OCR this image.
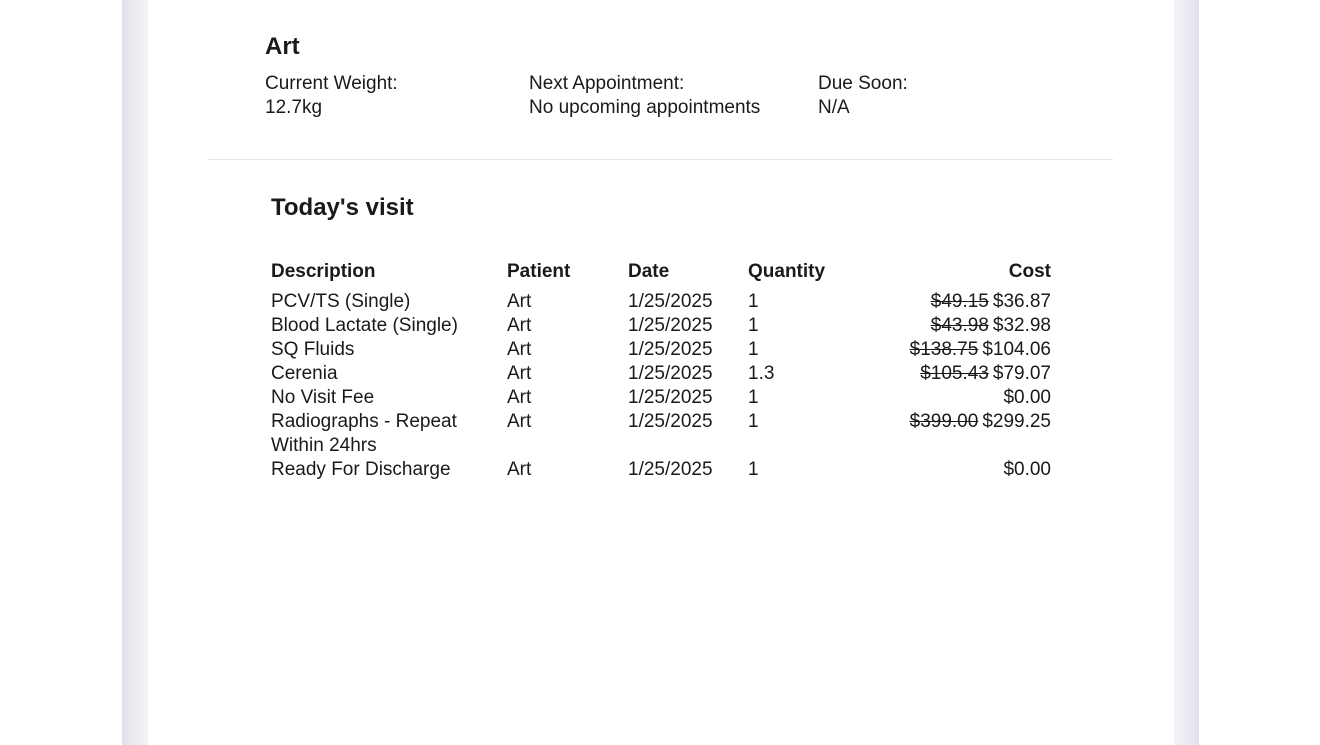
Art
Current Weight:
12.7kg
Next Appointment:
No upcoming appointments
Due Soon:
N/A
Today's visit
Description	Patient	Date	Quantity	Cost
PCV/TS (Single)	Art	1/25/2025	1	$49.15 $36.87
Blood Lactate (Single)	Art	1/25/2025	1	$43.98 $32.98
SQ Fluids	Art	1/25/2025	1	$138.75 $104.06
Cerenia	Art	1/25/2025	1.3	$105.43 $79.07
No Visit Fee	Art	1/25/2025	1	$0.00
Radiographs - Repeat Within 24hrs	Art	1/25/2025	1	$399.00 $299.25
Ready For Discharge	Art	1/25/2025	1	$0.00
